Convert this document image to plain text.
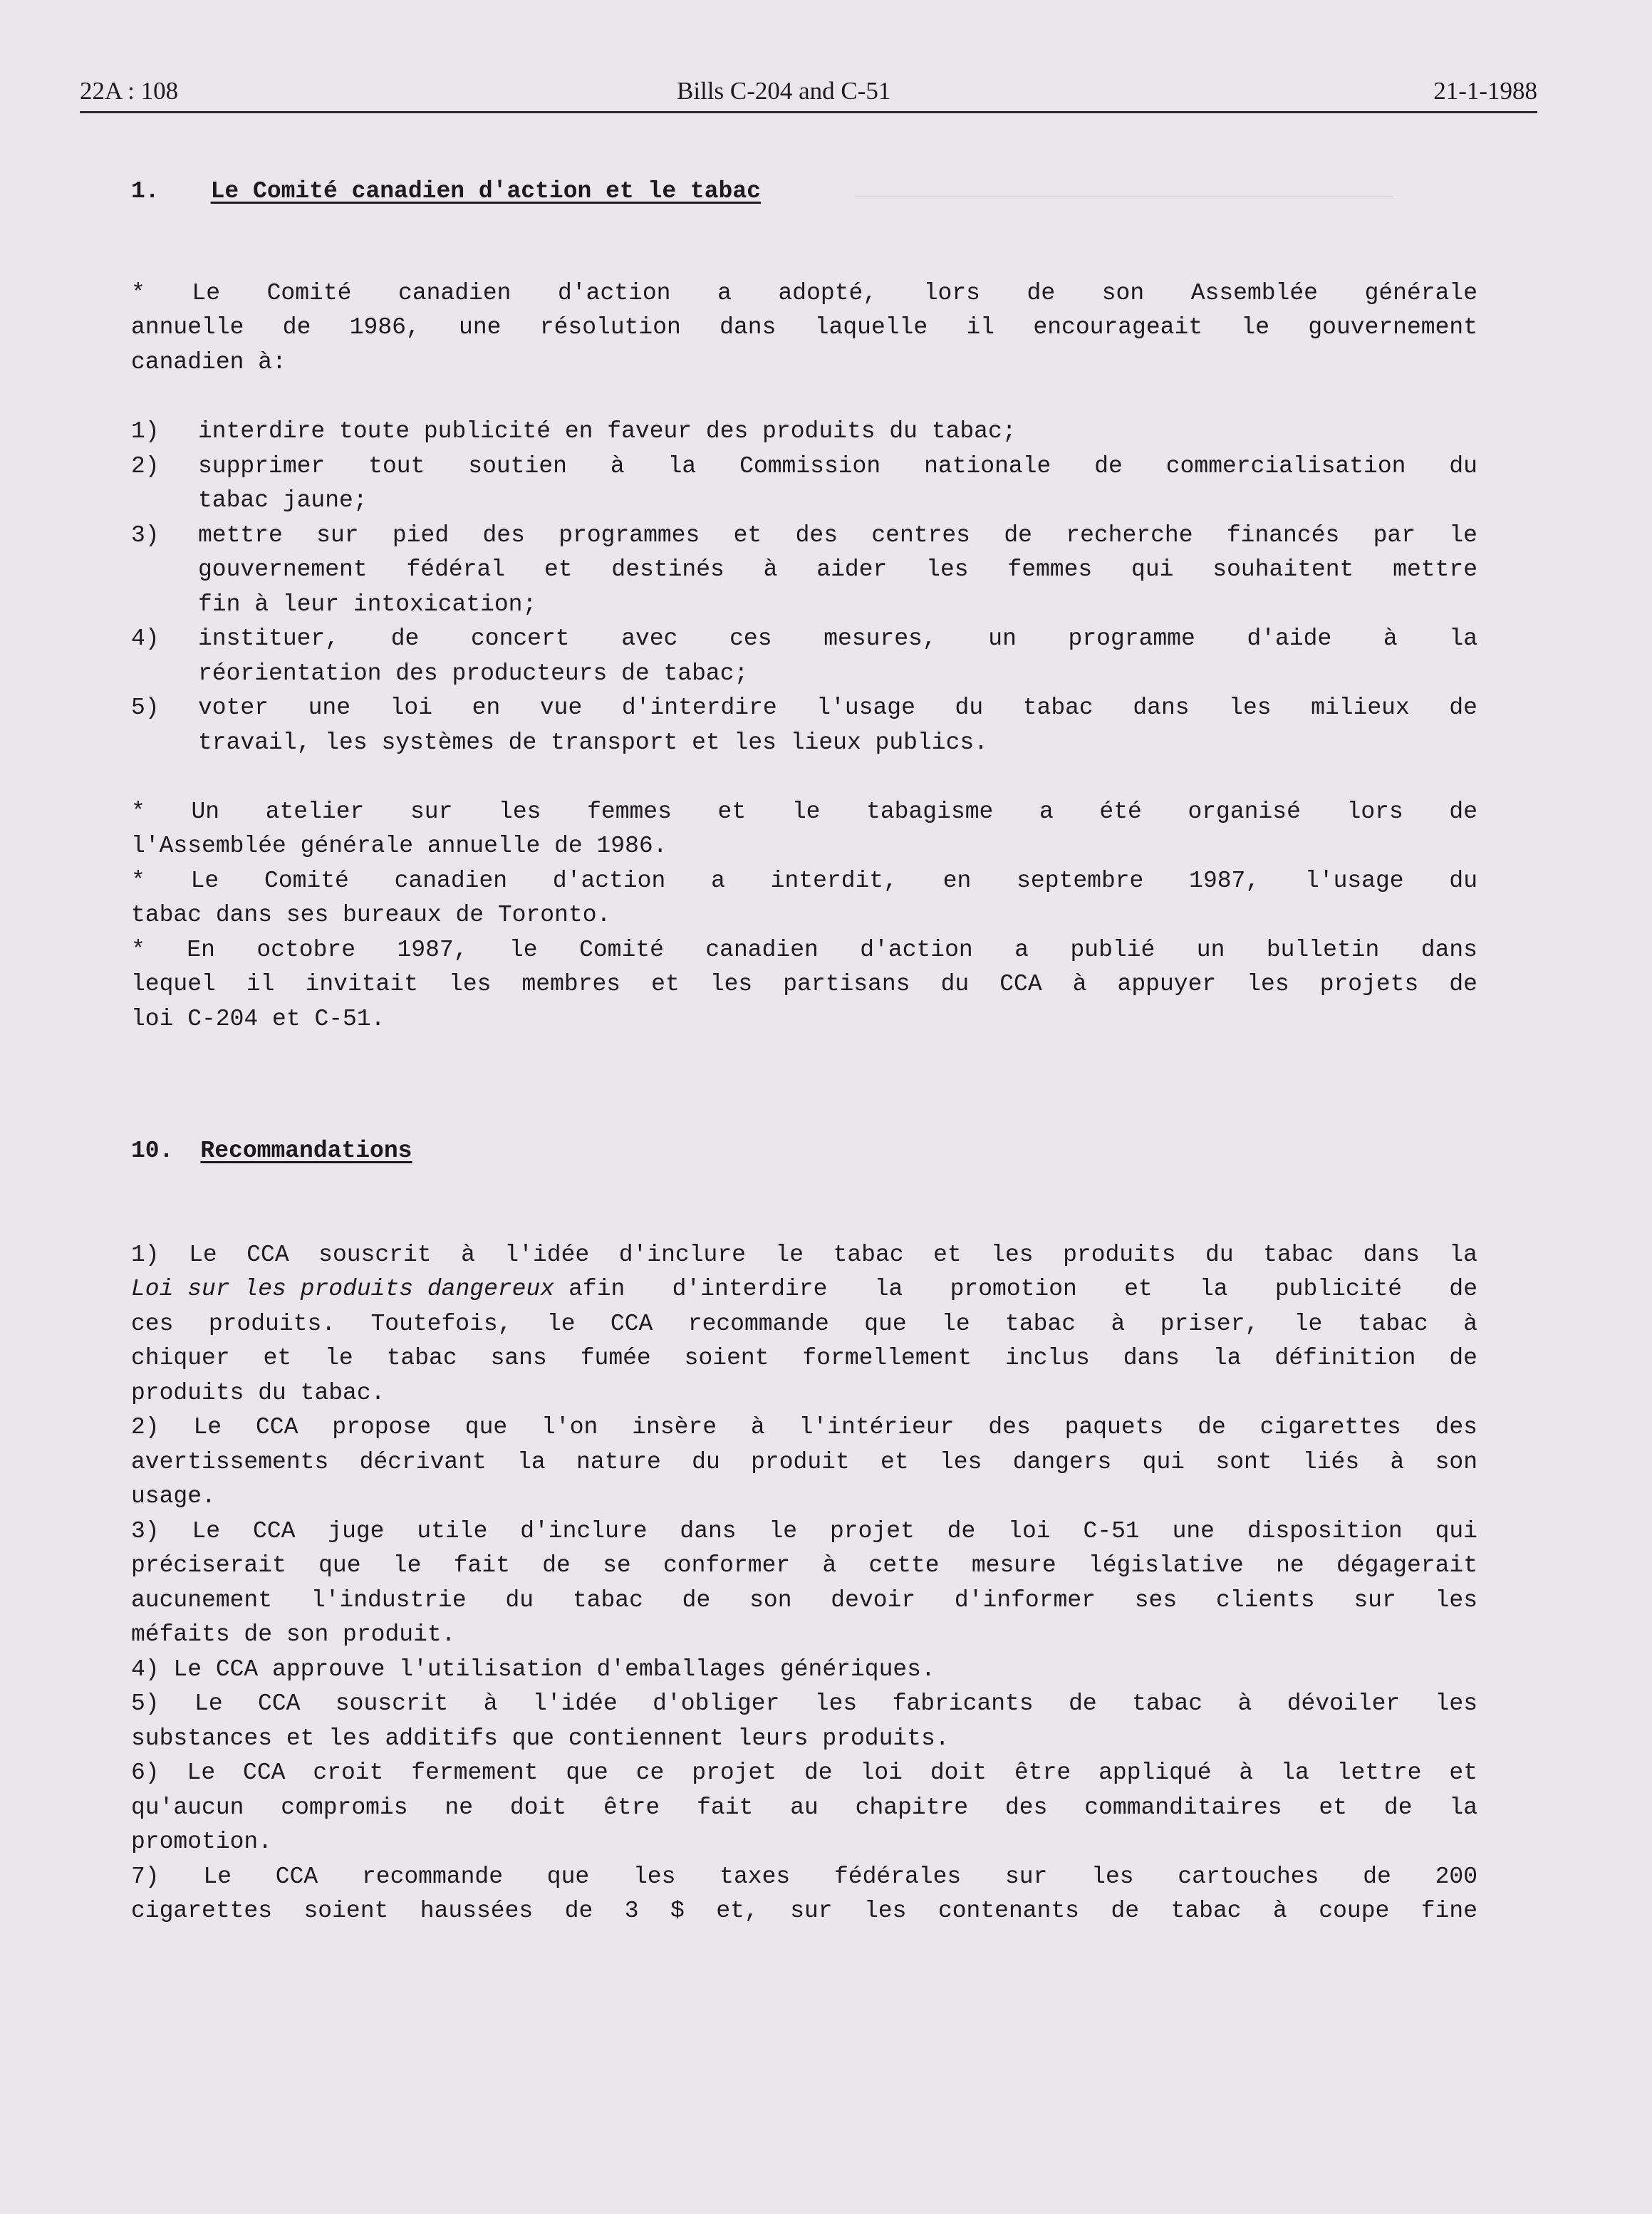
__________________________________________
22A : 108	Bills C-204 and C-51	21-1-1988
1. Le Comité canadien d'action et le tabac
* Le Comité canadien d'action a adopté, lors de son Assemblée générale
annuelle de 1986, une résolution dans laquelle il encourageait le gouvernement
canadien à:
1) interdire toute publicité en faveur des produits du tabac;
2) supprimer tout soutien à la Commission nationale de commercialisation du
tabac jaune;
3) mettre sur pied des programmes et des centres de recherche financés par le
gouvernement fédéral et destinés à aider les femmes qui souhaitent mettre
fin à leur intoxication;
4) instituer, de concert avec ces mesures, un programme d'aide à la
réorientation des producteurs de tabac;
5) voter une loi en vue d'interdire l'usage du tabac dans les milieux de
travail, les systèmes de transport et les lieux publics.
* Un atelier sur les femmes et le tabagisme a été organisé lors de
l'Assemblée générale annuelle de 1986.
* Le Comité canadien d'action a interdit, en septembre 1987, l'usage du
tabac dans ses bureaux de Toronto.
* En octobre 1987, le Comité canadien d'action a publié un bulletin dans
lequel il invitait les membres et les partisans du CCA à appuyer les projets de
loi C-204 et C-51.
10. Recommandations
1) Le CCA souscrit à l'idée d'inclure le tabac et les produits du tabac dans la
Loi sur les produits dangereux afin d'interdire la promotion et la publicité de
ces produits. Toutefois, le CCA recommande que le tabac à priser, le tabac à
chiquer et le tabac sans fumée soient formellement inclus dans la définition de
produits du tabac.
2) Le CCA propose que l'on insère à l'intérieur des paquets de cigarettes des
avertissements décrivant la nature du produit et les dangers qui sont liés à son
usage.
3) Le CCA juge utile d'inclure dans le projet de loi C-51 une disposition qui
préciserait que le fait de se conformer à cette mesure législative ne dégagerait
aucunement l'industrie du tabac de son devoir d'informer ses clients sur les
méfaits de son produit.
4) Le CCA approuve l'utilisation d'emballages génériques.
5) Le CCA souscrit à l'idée d'obliger les fabricants de tabac à dévoiler les
substances et les additifs que contiennent leurs produits.
6) Le CCA croit fermement que ce projet de loi doit être appliqué à la lettre et
qu'aucun compromis ne doit être fait au chapitre des commanditaires et de la
promotion.
7) Le CCA recommande que les taxes fédérales sur les cartouches de 200
cigarettes soient haussées de 3 $ et, sur les contenants de tabac à coupe fine
